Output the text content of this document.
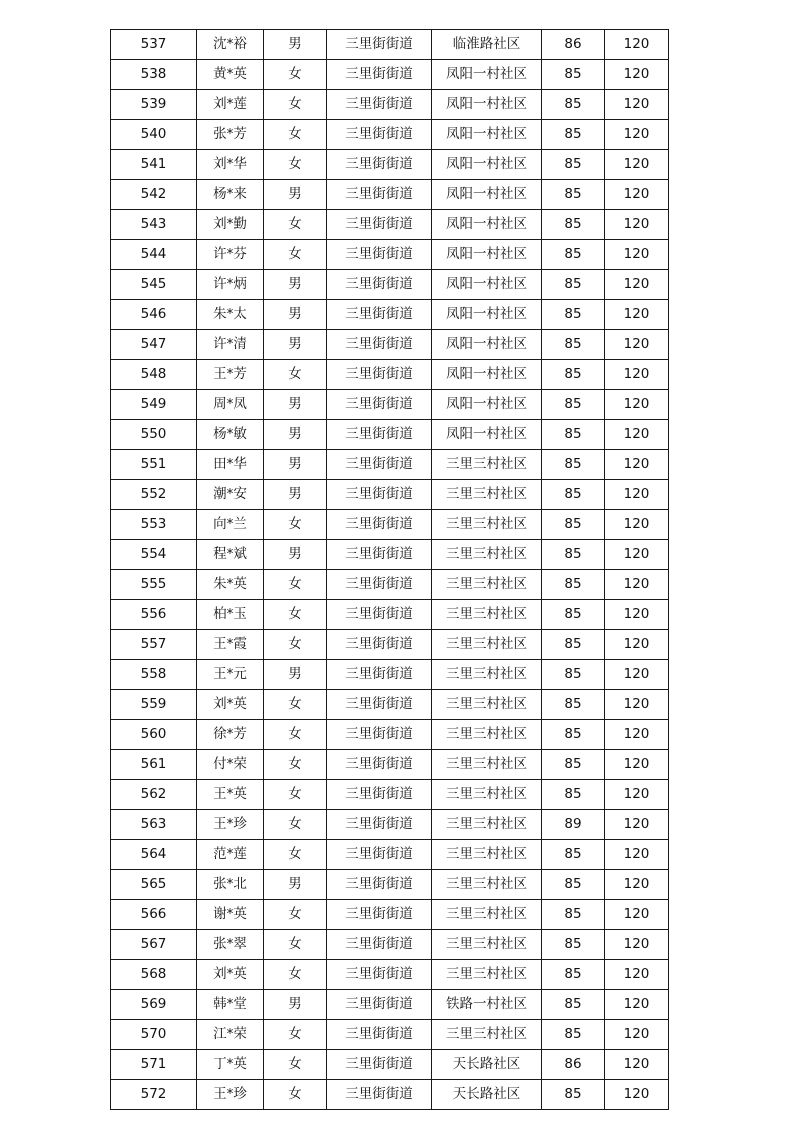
537	沈*裕	男	三里街街道	临淮路社区	86	120
538	黄*英	女	三里街街道	凤阳一村社区	85	120
539	刘*莲	女	三里街街道	凤阳一村社区	85	120
540	张*芳	女	三里街街道	凤阳一村社区	85	120
541	刘*华	女	三里街街道	凤阳一村社区	85	120
542	杨*来	男	三里街街道	凤阳一村社区	85	120
543	刘*勤	女	三里街街道	凤阳一村社区	85	120
544	许*芬	女	三里街街道	凤阳一村社区	85	120
545	许*炳	男	三里街街道	凤阳一村社区	85	120
546	朱*太	男	三里街街道	凤阳一村社区	85	120
547	许*清	男	三里街街道	凤阳一村社区	85	120
548	王*芳	女	三里街街道	凤阳一村社区	85	120
549	周*凤	男	三里街街道	凤阳一村社区	85	120
550	杨*敏	男	三里街街道	凤阳一村社区	85	120
551	田*华	男	三里街街道	三里三村社区	85	120
552	潮*安	男	三里街街道	三里三村社区	85	120
553	向*兰	女	三里街街道	三里三村社区	85	120
554	程*斌	男	三里街街道	三里三村社区	85	120
555	朱*英	女	三里街街道	三里三村社区	85	120
556	柏*玉	女	三里街街道	三里三村社区	85	120
557	王*霞	女	三里街街道	三里三村社区	85	120
558	王*元	男	三里街街道	三里三村社区	85	120
559	刘*英	女	三里街街道	三里三村社区	85	120
560	徐*芳	女	三里街街道	三里三村社区	85	120
561	付*荣	女	三里街街道	三里三村社区	85	120
562	王*英	女	三里街街道	三里三村社区	85	120
563	王*珍	女	三里街街道	三里三村社区	89	120
564	范*莲	女	三里街街道	三里三村社区	85	120
565	张*北	男	三里街街道	三里三村社区	85	120
566	谢*英	女	三里街街道	三里三村社区	85	120
567	张*翠	女	三里街街道	三里三村社区	85	120
568	刘*英	女	三里街街道	三里三村社区	85	120
569	韩*堂	男	三里街街道	铁路一村社区	85	120
570	江*荣	女	三里街街道	三里三村社区	85	120
571	丁*英	女	三里街街道	天长路社区	86	120
572	王*珍	女	三里街街道	天长路社区	85	120
